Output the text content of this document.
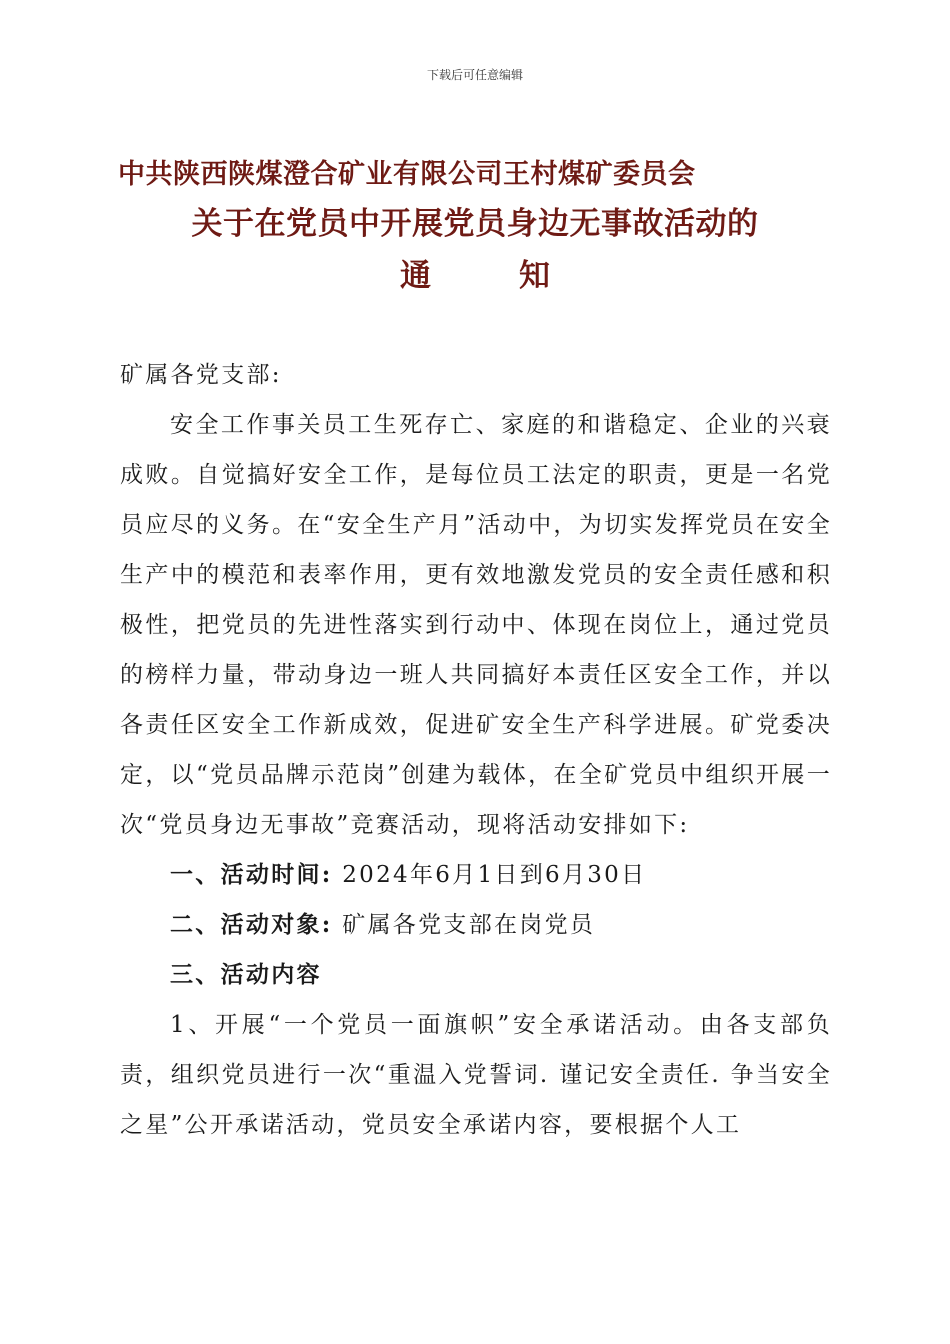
下载后可任意编辑
中共陕西陕煤澄合矿业有限公司王村煤矿委员会
关于在党员中开展党员身边无事故活动的
通	知

矿属各党支部:

安全工作事关员工生死存亡、家庭的和谐稳定、企业的兴衰成败。自觉搞好安全工作，是每位员工法定的职责，更是一名党员应尽的义务。在“安全生产月”活动中，为切实发挥党员在安全生产中的模范和表率作用，更有效地激发党员的安全责任感和积极性，把党员的先进性落实到行动中、体现在岗位上，通过党员的榜样力量，带动身边一班人共同搞好本责任区安全工作，并以各责任区安全工作新成效，促进矿安全生产科学进展。矿党委决定，以“党员品牌示范岗”创建为载体，在全矿党员中组织开展一次“党员身边无事故”竞赛活动，现将活动安排如下:

一、活动时间: 2024年6月1日到6月30日

二、活动对象: 矿属各党支部在岗党员

三、活动内容

1、开展“一个党员一面旗帜”安全承诺活动。由各支部负责，组织党员进行一次“重温入党誓词. 谨记安全责任. 争当安全之星”公开承诺活动，党员安全承诺内容，要根据个人工
